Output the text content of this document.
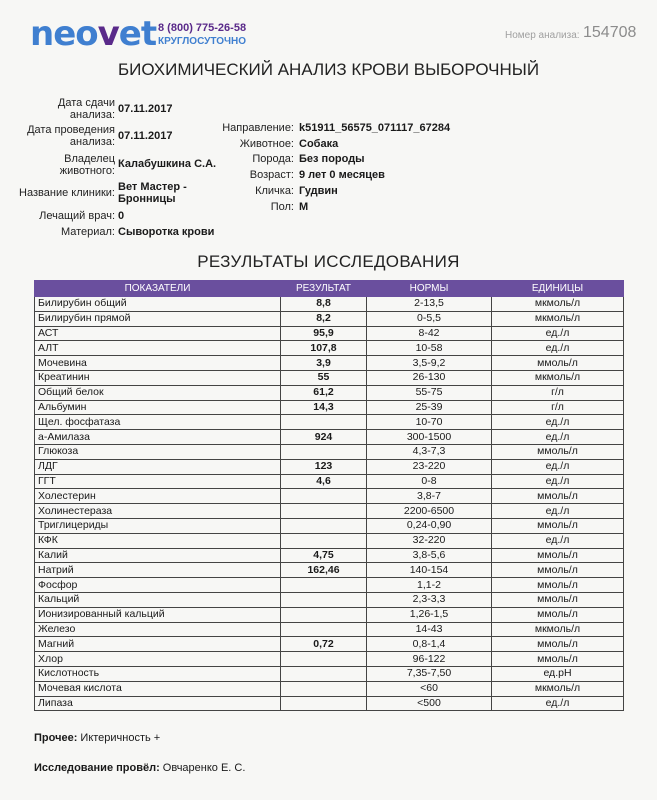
neovet 8 (800) 775-26-58
КРУГЛОСУТОЧНО
Номер анализа: 154708
БИОХИМИЧЕСКИЙ АНАЛИЗ КРОВИ ВЫБОРОЧНЫЙ
Дата сдачи
анализа: 07.11.2017
Дата проведения
анализа: 07.11.2017
Владелец
животного:
Калабушкина С.А.
Название клиники: Вет Мастер -
Бронницы
Лечащий врач: 0
Материал: Сыворотка крови
Направление: k51911_56575_071117_67284
Животное: Собака
Порода: Без породы
Возраст: 9 лет 0 месяцев
Кличка: Гудвин
Пол: М
РЕЗУЛЬТАТЫ ИССЛЕДОВАНИЯ
ПОКАЗАТЕЛИ	РЕЗУЛЬТАТ	НОРМЫ	ЕДИНИЦЫ
Билирубин общий	8,8	2-13,5	мкмоль/л
Билирубин прямой	8,2	0-5,5	мкмоль/л
АСТ	95,9	8-42	ед./л
АЛТ	107,8	10-58	ед./л
Мочевина	3,9	3,5-9,2	ммоль/л
Креатинин	55	26-130	мкмоль/л
Общий белок	61,2	55-75	г/л
Альбумин	14,3	25-39	г/л
Щел. фосфатаза		10-70	ед./л
а-Амилаза	924	300-1500	ед./л
Глюкоза		4,3-7,3	ммоль/л
ЛДГ	123	23-220	ед./л
ГГТ	4,6	0-8	ед./л
Холестерин		3,8-7	ммоль/л
Холинестераза		2200-6500	ед./л
Триглицериды		0,24-0,90	ммоль/л
КФК		32-220	ед./л
Калий	4,75	3,8-5,6	ммоль/л
Натрий	162,46	140-154	ммоль/л
Фосфор		1,1-2	ммоль/л
Кальций		2,3-3,3	ммоль/л
Ионизированный кальций		1,26-1,5	ммоль/л
Железо		14-43	мкмоль/л
Магний	0,72	0,8-1,4	ммоль/л
Хлор		96-122	ммоль/л
Кислотность		7,35-7,50	ед.pH
Мочевая кислота		<60	мкмоль/л
Липаза		<500	ед./л
Прочее: Иктеричность +
Исследование провёл: Овчаренко Е. С.
